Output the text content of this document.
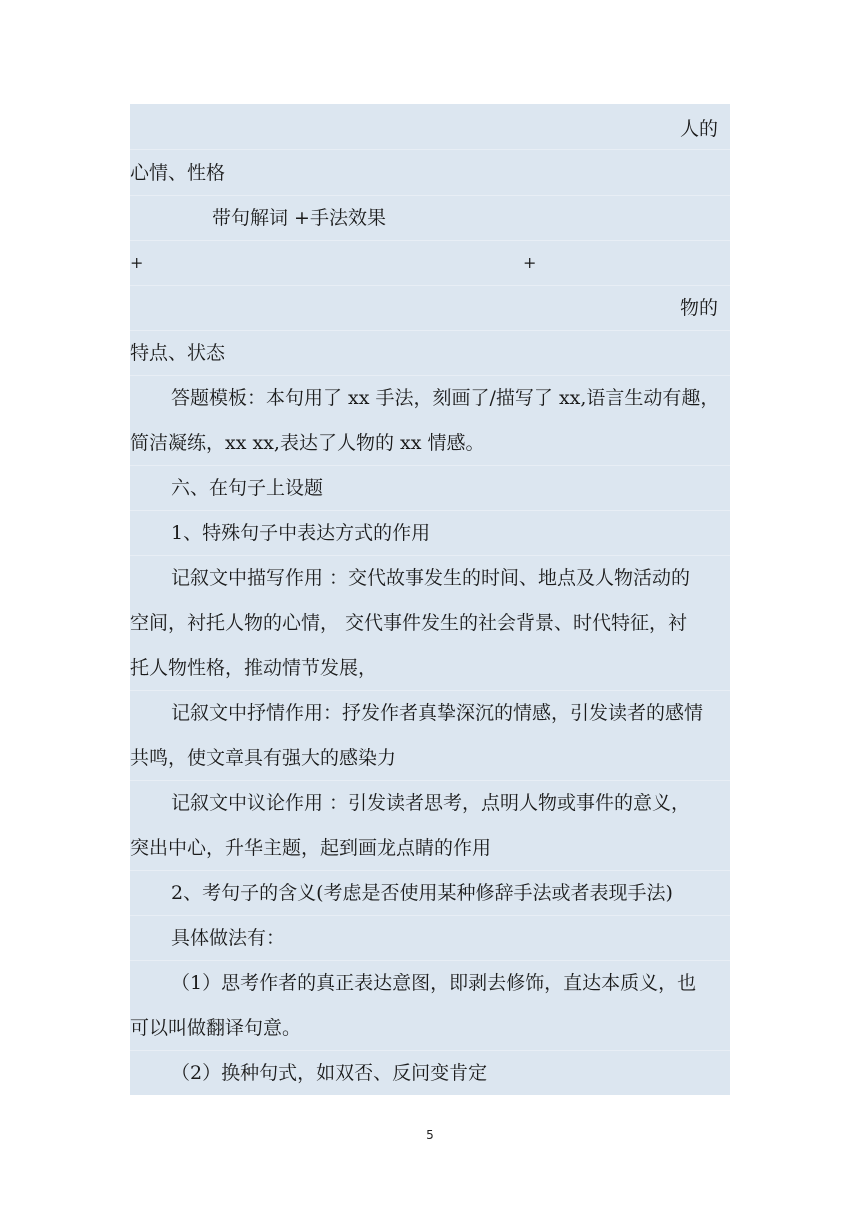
人的
心情、性格
带句解词 +手法效果
+	+
物的
特点、状态
答题模板：本句用了 xx 手法，刻画了/描写了 xx,语言生动有趣，
简洁凝练，xx xx,表达了人物的 xx 情感。
六、在句子上设题
1、特殊句子中表达方式的作用
记叙文中描写作用 ：交代故事发生的时间、地点及人物活动的
空间，衬托人物的心情， 交代事件发生的社会背景、时代特征，衬
托人物性格，推动情节发展，
记叙文中抒情作用：抒发作者真挚深沉的情感，引发读者的感情
共鸣，使文章具有强大的感染力
记叙文中议论作用 ：引发读者思考，点明人物或事件的意义，
突出中心，升华主题，起到画龙点睛的作用
2、考句子的含义(考虑是否使用某种修辞手法或者表现手法)
具体做法有：
（1）思考作者的真正表达意图，即剥去修饰，直达本质义，也
可以叫做翻译句意。
（2）换种句式，如双否、反问变肯定
5
